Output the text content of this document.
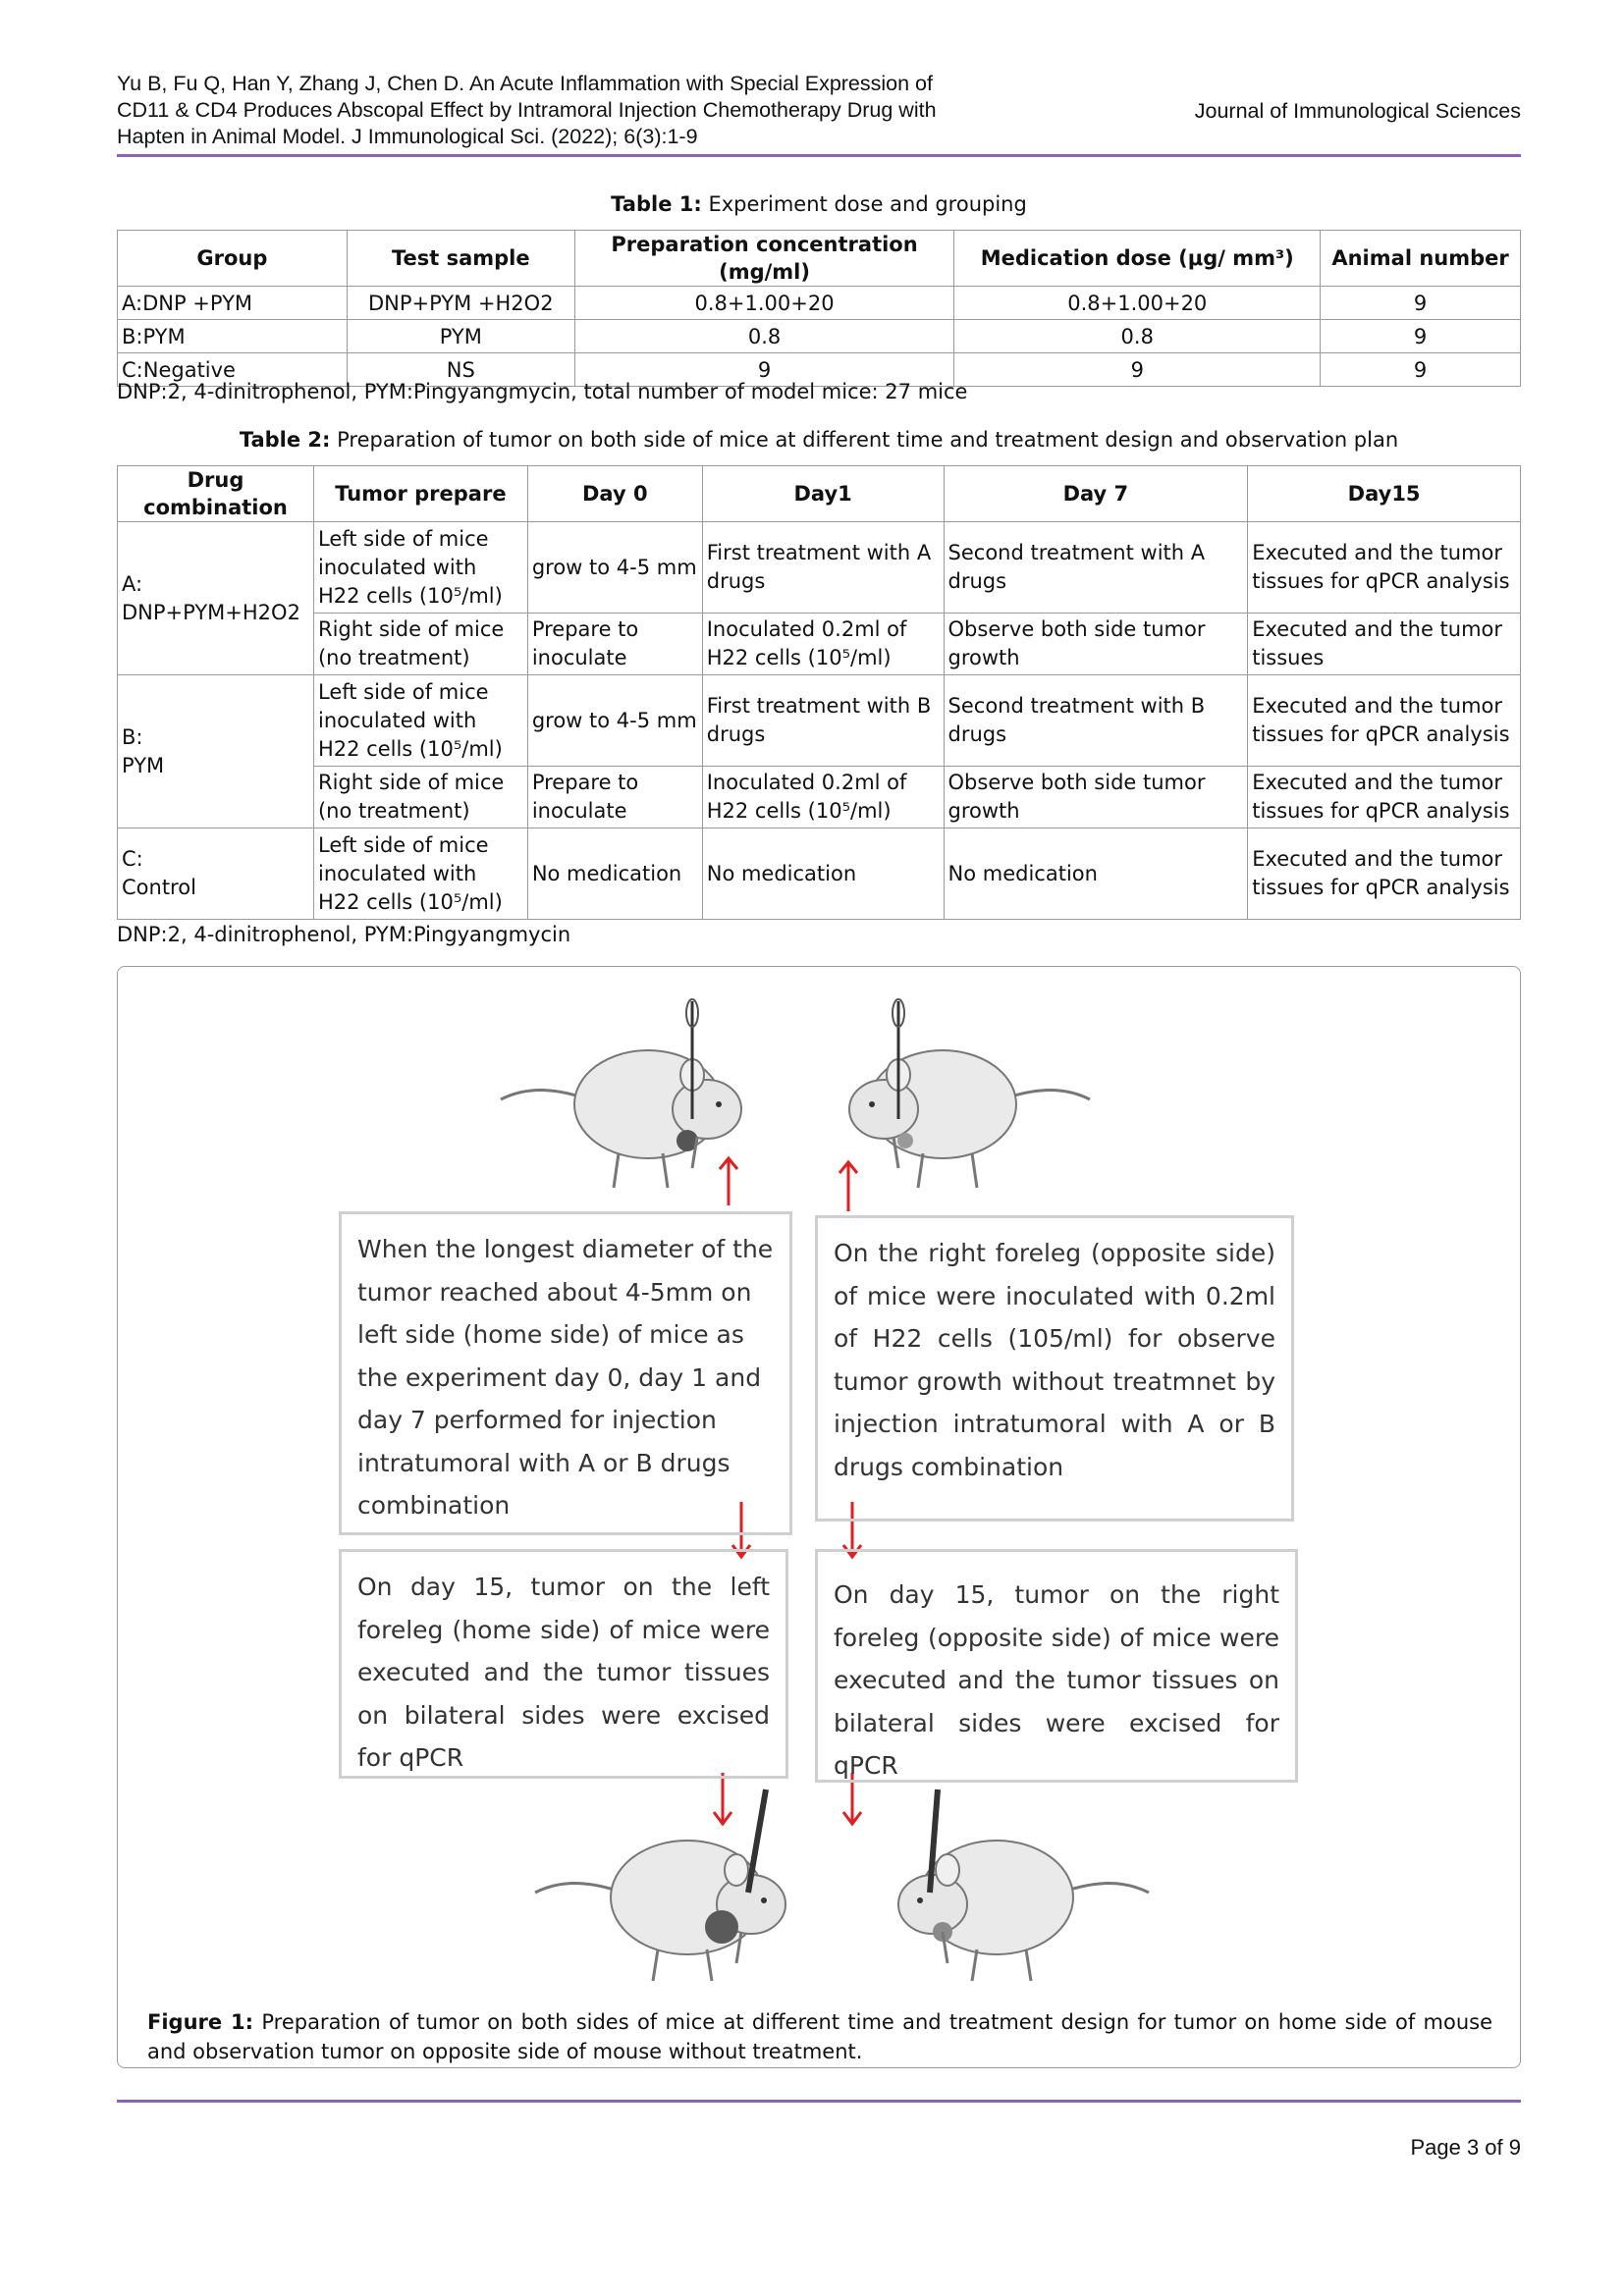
Yu B, Fu Q, Han Y, Zhang J, Chen D. An Acute Inflammation with Special Expression of
CD11 & CD4 Produces Abscopal Effect by Intramoral Injection Chemotherapy Drug with
Hapten in Animal Model. J Immunological Sci. (2022); 6(3):1-9
Journal of Immunological Sciences
Table 1: Experiment dose and grouping
Group	Test sample	Preparation concentration (mg/ml)	Medication dose (μg/ mm³)	Animal number
A:DNP +PYM	DNP+PYM +H2O2	0.8+1.00+20	0.8+1.00+20	9
B:PYM	PYM	0.8	0.8	9
C:Negative	NS	9	9	9
DNP:2, 4-dinitrophenol, PYM:Pingyangmycin, total number of model mice: 27 mice
Table 2: Preparation of tumor on both side of mice at different time and treatment design and observation plan
Drug combination	Tumor prepare	Day 0	Day1	Day 7	Day15

A:
DNP+PYM+H2O2	Left side of mice inoculated with H22 cells (10⁵/ml)	grow to 4-5 mm	First treatment with A drugs	Second treatment with A drugs	Executed and the tumor tissues for qPCR analysis
	Right side of mice (no treatment)	Prepare to inoculate	Inoculated 0.2ml of H22 cells (10⁵/ml)	Observe both side tumor growth	Executed and the tumor tissues

B:
PYM	Left side of mice inoculated with H22 cells (10⁵/ml)	grow to 4-5 mm	First treatment with B drugs	Second treatment with B drugs	Executed and the tumor tissues for qPCR analysis
	Right side of mice (no treatment)	Prepare to inoculate	Inoculated 0.2ml of H22 cells (10⁵/ml)	Observe both side tumor growth	Executed and the tumor tissues for qPCR analysis

C:
Control	Left side of mice inoculated with H22 cells (10⁵/ml)	No medication	No medication	No medication	Executed and the tumor tissues for qPCR analysis
DNP:2, 4-dinitrophenol, PYM:Pingyangmycin
When the longest diameter of the tumor reached about 4-5mm on left side (home side) of mice as the experiment day 0, day 1 and day 7 performed for injection intratumoral with A or B drugs combination
On the right foreleg (opposite side) of mice were inoculated with 0.2ml of H22 cells (105/ml) for observe tumor growth without treatmnet by injection intratumoral with A or B drugs combination
On day 15, tumor on the left foreleg (home side) of mice were executed and the tumor tissues on bilateral sides were excised for qPCR
On day 15, tumor on the right foreleg (opposite side) of mice were executed and the tumor tissues on bilateral sides were excised for qPCR
Figure 1: Preparation of tumor on both sides of mice at different time and treatment design for tumor on home side of mouse and observation tumor on opposite side of mouse without treatment.
Page 3 of 9
